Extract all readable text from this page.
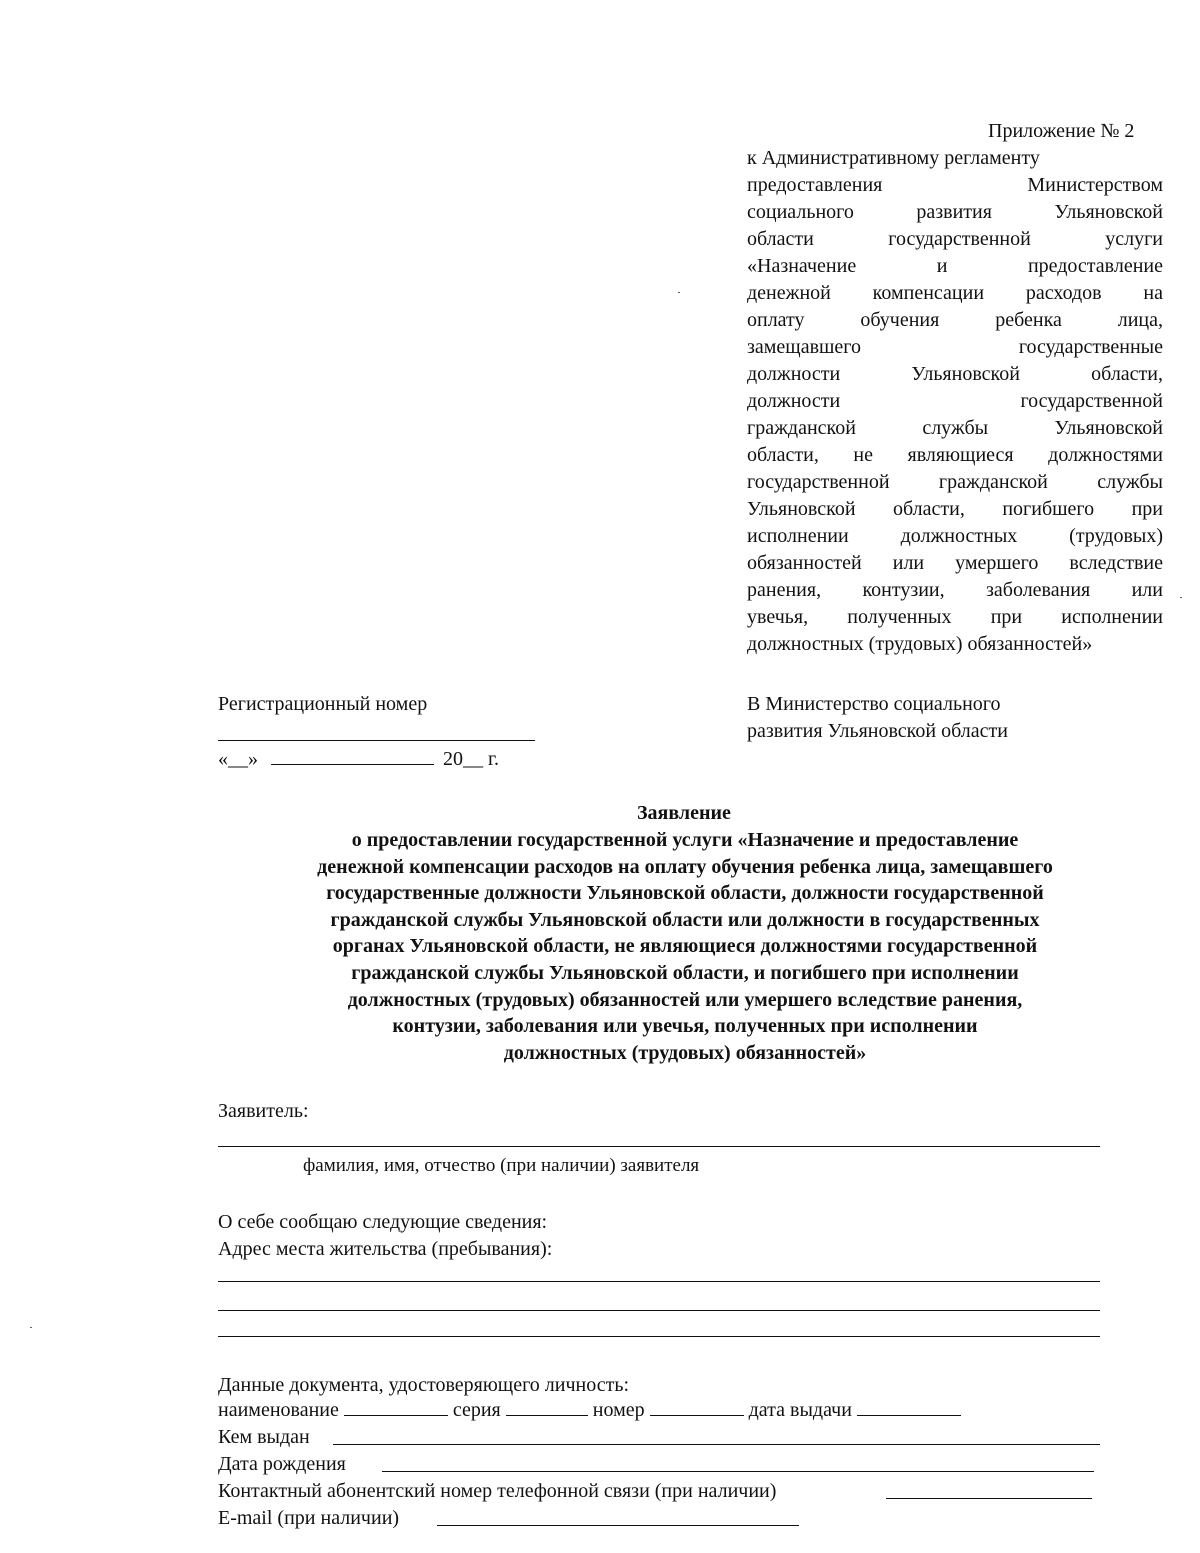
Приложение № 2
к Административному регламенту
предоставления Министерством
социального развития Ульяновской
области государственной услуги
«Назначение и предоставление
денежной компенсации расходов на
оплату обучения ребенка лица,
замещавшего государственные
должности Ульяновской области,
должности государственной
гражданской службы Ульяновской
области, не являющиеся должностями
государственной гражданской службы
Ульяновской области, погибшего при
исполнении должностных (трудовых)
обязанностей или умершего вследствие
ранения, контузии, заболевания или
увечья, полученных при исполнении
должностных (трудовых) обязанностей»
Регистрационный номер
«__»	20__ г.
В Министерство социального
развития Ульяновской области
Заявление
о предоставлении государственной услуги «Назначение и предоставление
денежной компенсации расходов на оплату обучения ребенка лица, замещавшего
государственные должности Ульяновской области, должности государственной
гражданской службы Ульяновской области или должности в государственных
органах Ульяновской области, не являющиеся должностями государственной
гражданской службы Ульяновской области, и погибшего при исполнении
должностных (трудовых) обязанностей или умершего вследствие ранения,
контузии, заболевания или увечья, полученных при исполнении
должностных (трудовых) обязанностей»
Заявитель:
фамилия, имя, отчество (при наличии) заявителя
О себе сообщаю следующие сведения:
Адрес места жительства (пребывания):
Данные документа, удостоверяющего личность:
наименование	серия	номер	дата выдачи
Кем выдан
Дата рождения
Контактный абонентский номер телефонной связи (при наличии)
E-mail (при наличии)
